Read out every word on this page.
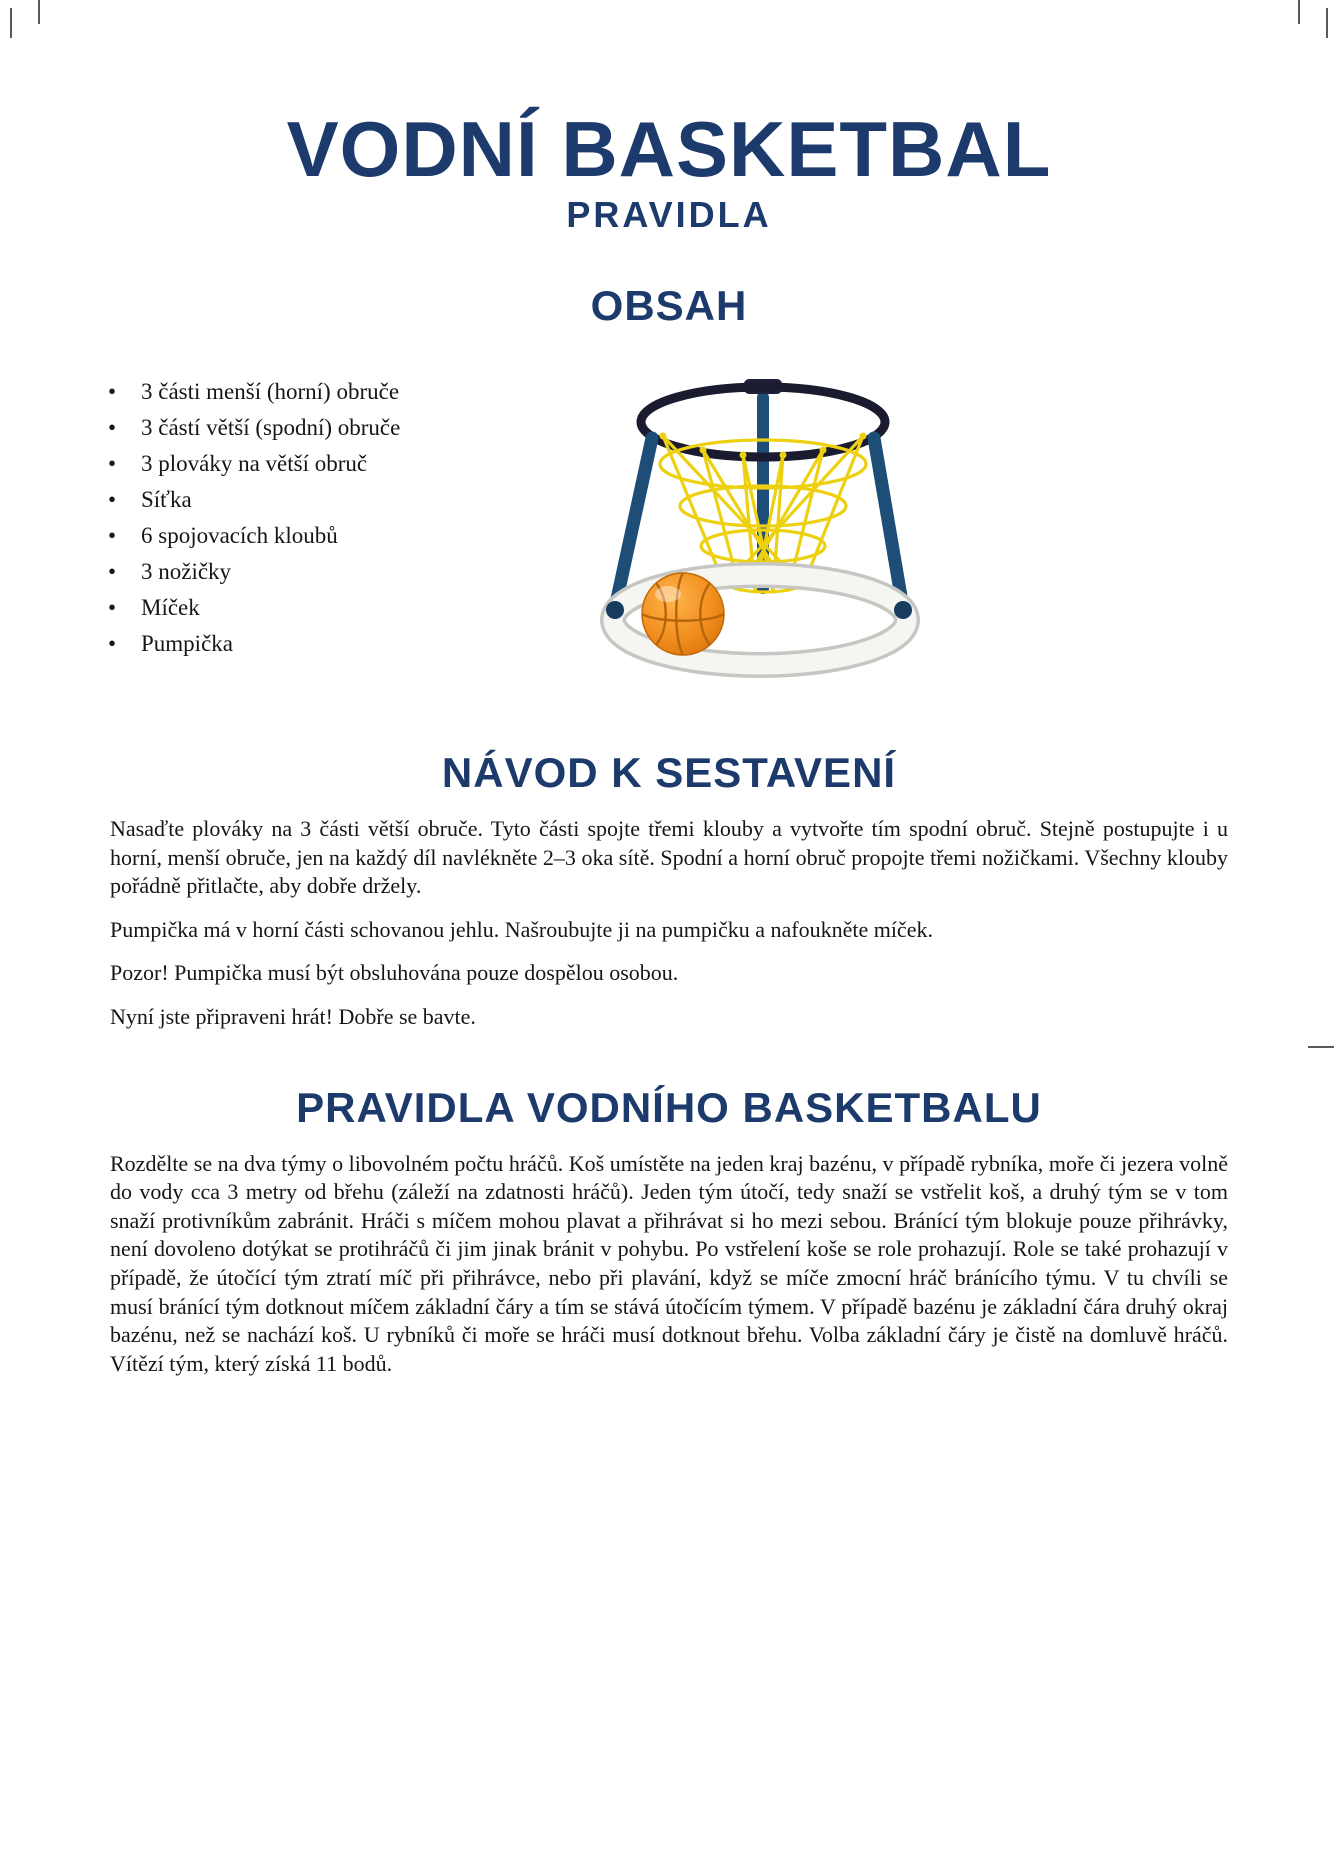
VODNÍ BASKETBAL
PRAVIDLA
OBSAH
• 3 části menší (horní) obruče
• 3 částí větší (spodní) obruče
• 3 plováky na větší obruč
• Síťka
• 6 spojovacích kloubů
• 3 nožičky
• Míček
• Pumpička
NÁVOD K SESTAVENÍ

Nasaďte plováky na 3 části větší obruče. Tyto části spojte třemi klouby a vytvořte tím spodní obruč. Stejně postupujte i u horní, menší obruče, jen na každý díl navlékněte 2–3 oka sítě. Spodní a horní obruč propojte třemi nožičkami. Všechny klouby pořádně přitlačte, aby dobře držely.

Pumpička má v horní části schovanou jehlu. Našroubujte ji na pumpičku a nafoukněte míček.

Pozor! Pumpička musí být obsluhována pouze dospělou osobou.

Nyní jste připraveni hrát! Dobře se bavte.

PRAVIDLA VODNÍHO BASKETBALU

Rozdělte se na dva týmy o libovolném počtu hráčů. Koš umístěte na jeden kraj bazénu, v případě rybníka, moře či jezera volně do vody cca 3 metry od břehu (záleží na zdatnosti hráčů). Jeden tým útočí, tedy snaží se vstřelit koš, a druhý tým se v tom snaží protivníkům zabránit. Hráči s míčem mohou plavat a přihrávat si ho mezi sebou. Bránící tým blokuje pouze přihrávky, není dovoleno dotýkat se protihráčů či jim jinak bránit v pohybu. Po vstřelení koše se role prohazují. Role se také prohazují v případě, že útočící tým ztratí míč při přihrávce, nebo při plavání, když se míče zmocní hráč bránícího týmu. V tu chvíli se musí bránící tým dotknout míčem základní čáry a tím se stává útočícím týmem. V případě bazénu je základní čára druhý okraj bazénu, než se nachází koš. U rybníků či moře se hráči musí dotknout břehu. Volba základní čáry je čistě na domluvě hráčů. Vítězí tým, který získá 11 bodů.
